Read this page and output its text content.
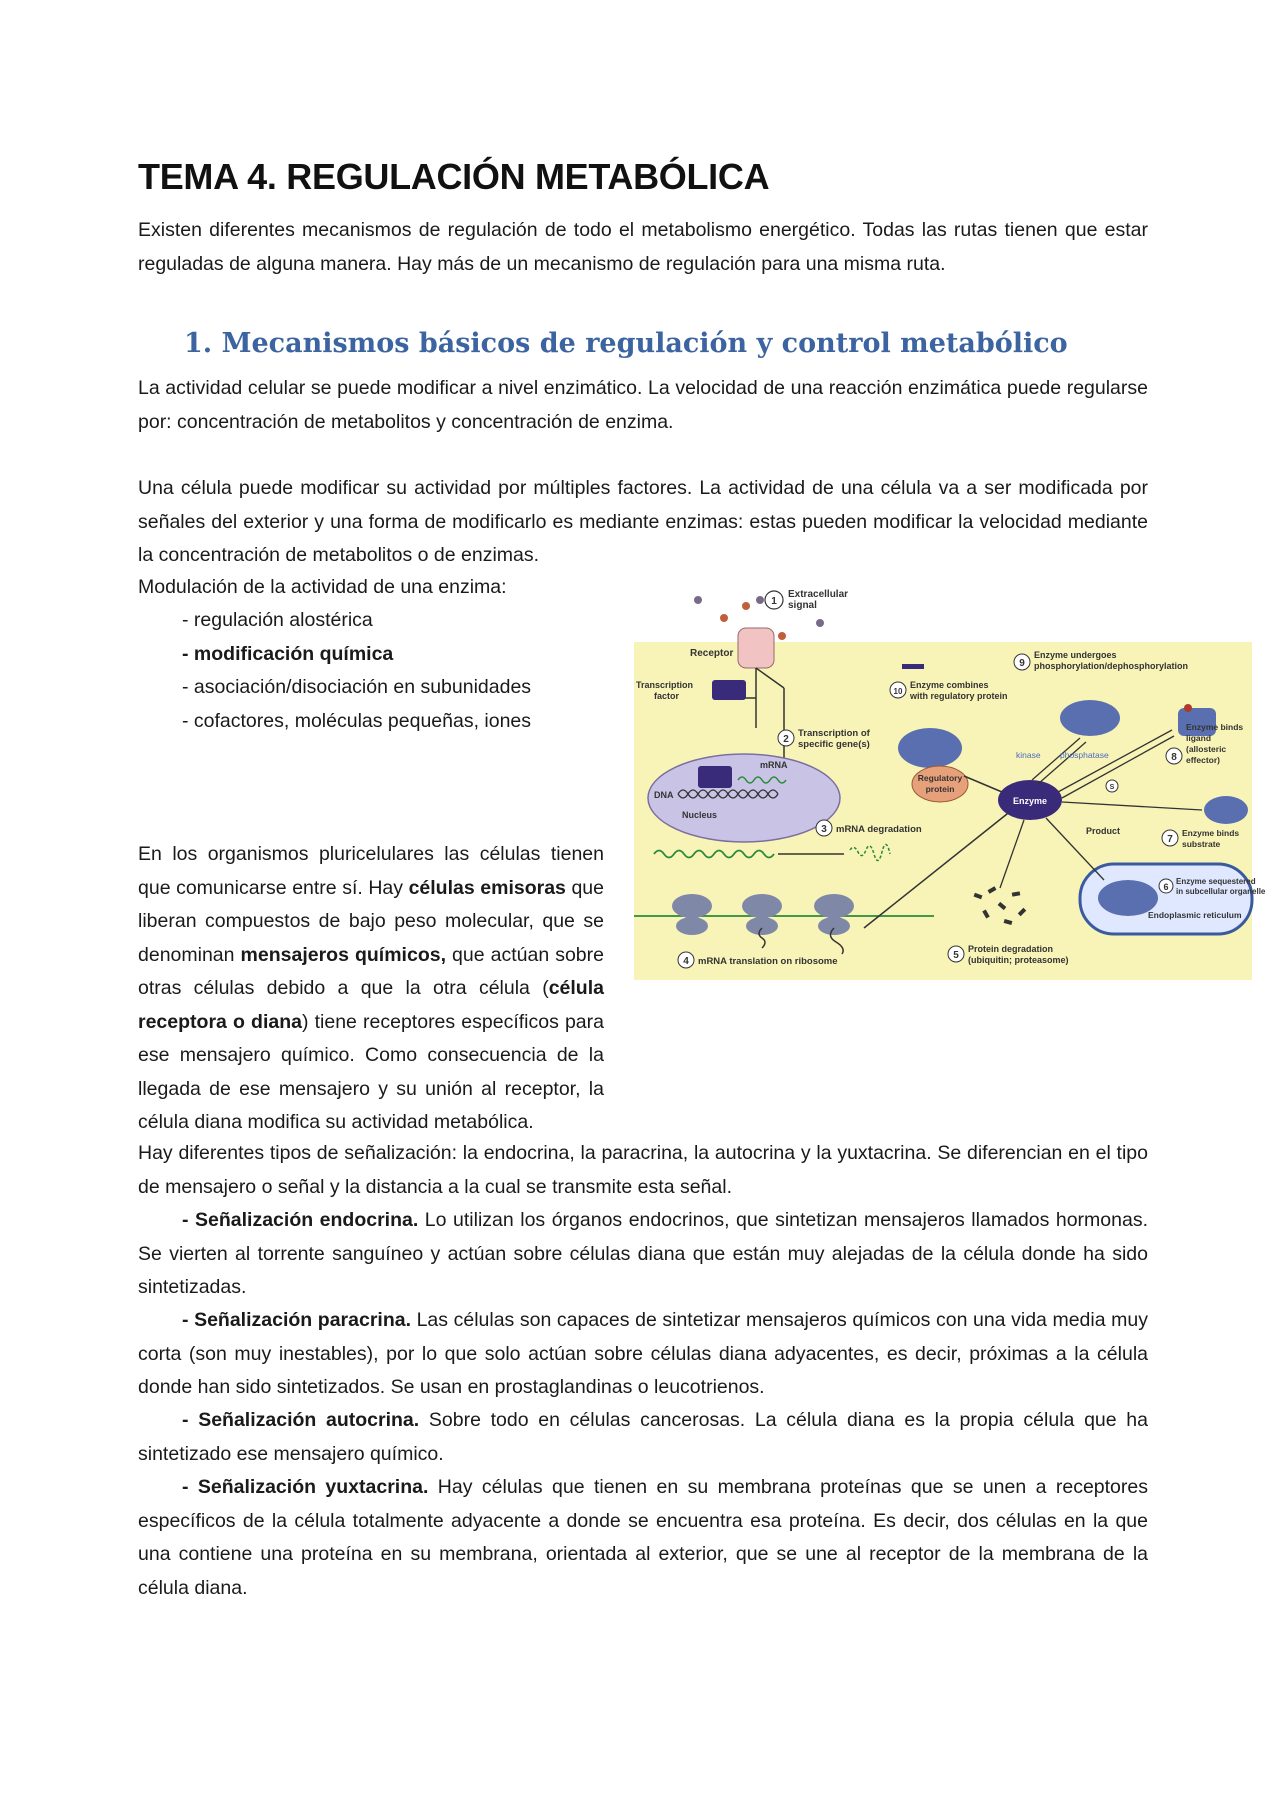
TEMA 4. REGULACIÓN METABÓLICA

Existen diferentes mecanismos de regulación de todo el metabolismo energético. Todas las rutas tienen que estar reguladas de alguna manera. Hay más de un mecanismo de regulación para una misma ruta.

1. Mecanismos básicos de regulación y control metabólico

La actividad celular se puede modificar a nivel enzimático. La velocidad de una reacción enzimática puede regularse por: concentración de metabolitos y concentración de enzima.

Una célula puede modificar su actividad por múltiples factores. La actividad de una célula va a ser modificada por señales del exterior y una forma de modificarlo es mediante enzimas: estas pueden modificar la velocidad mediante la concentración de metabolitos o de enzimas.

Modulación de la actividad de una enzima:

- regulación alostérica
- modificación química
- asociación/disociación en subunidades
- cofactores, moléculas pequeñas, iones
1
Extracellular
signal
Receptor
Transcription
factor
2
Transcription of
specific gene(s)
mRNA
DNA
Nucleus
3 mRNA degradation
4 mRNA translation on ribosome
Enzyme
Regulatory
protein
10
Enzyme combines
with regulatory protein
9
Enzyme undergoes
phosphorylation/dephosphorylation
kinase phosphatase	8
Enzyme binds
ligand
(allosteric
effector)
S
Product
7
Enzyme binds
substrate
6
Enzyme sequestered
in subcellular organelle
Endoplasmic reticulum
5
Protein degradation
(ubiquitin; proteasome)

En los organismos pluricelulares las células tienen que comunicarse entre sí. Hay células emisoras que liberan compuestos de bajo peso molecular, que se denominan mensajeros químicos, que actúan sobre otras células debido a que la otra célula (célula receptora o diana) tiene receptores específicos para ese mensajero químico. Como consecuencia de la llegada de ese mensajero y su unión al receptor, la célula diana modifica su actividad metabólica.

Hay diferentes tipos de señalización: la endocrina, la paracrina, la autocrina y la yuxtacrina. Se diferencian en el tipo de mensajero o señal y la distancia a la cual se transmite esta señal.

- Señalización endocrina. Lo utilizan los órganos endocrinos, que sintetizan mensajeros llamados hormonas. Se vierten al torrente sanguíneo y actúan sobre células diana que están muy alejadas de la célula donde ha sido sintetizadas.

- Señalización paracrina. Las células son capaces de sintetizar mensajeros químicos con una vida media muy corta (son muy inestables), por lo que solo actúan sobre células diana adyacentes, es decir, próximas a la célula donde han sido sintetizados. Se usan en prostaglandinas o leucotrienos.

- Señalización autocrina. Sobre todo en células cancerosas. La célula diana es la propia célula que ha sintetizado ese mensajero químico.

- Señalización yuxtacrina. Hay células que tienen en su membrana proteínas que se unen a receptores específicos de la célula totalmente adyacente a donde se encuentra esa proteína. Es decir, dos células en la que una contiene una proteína en su membrana, orientada al exterior, que se une al receptor de la membrana de la célula diana.
